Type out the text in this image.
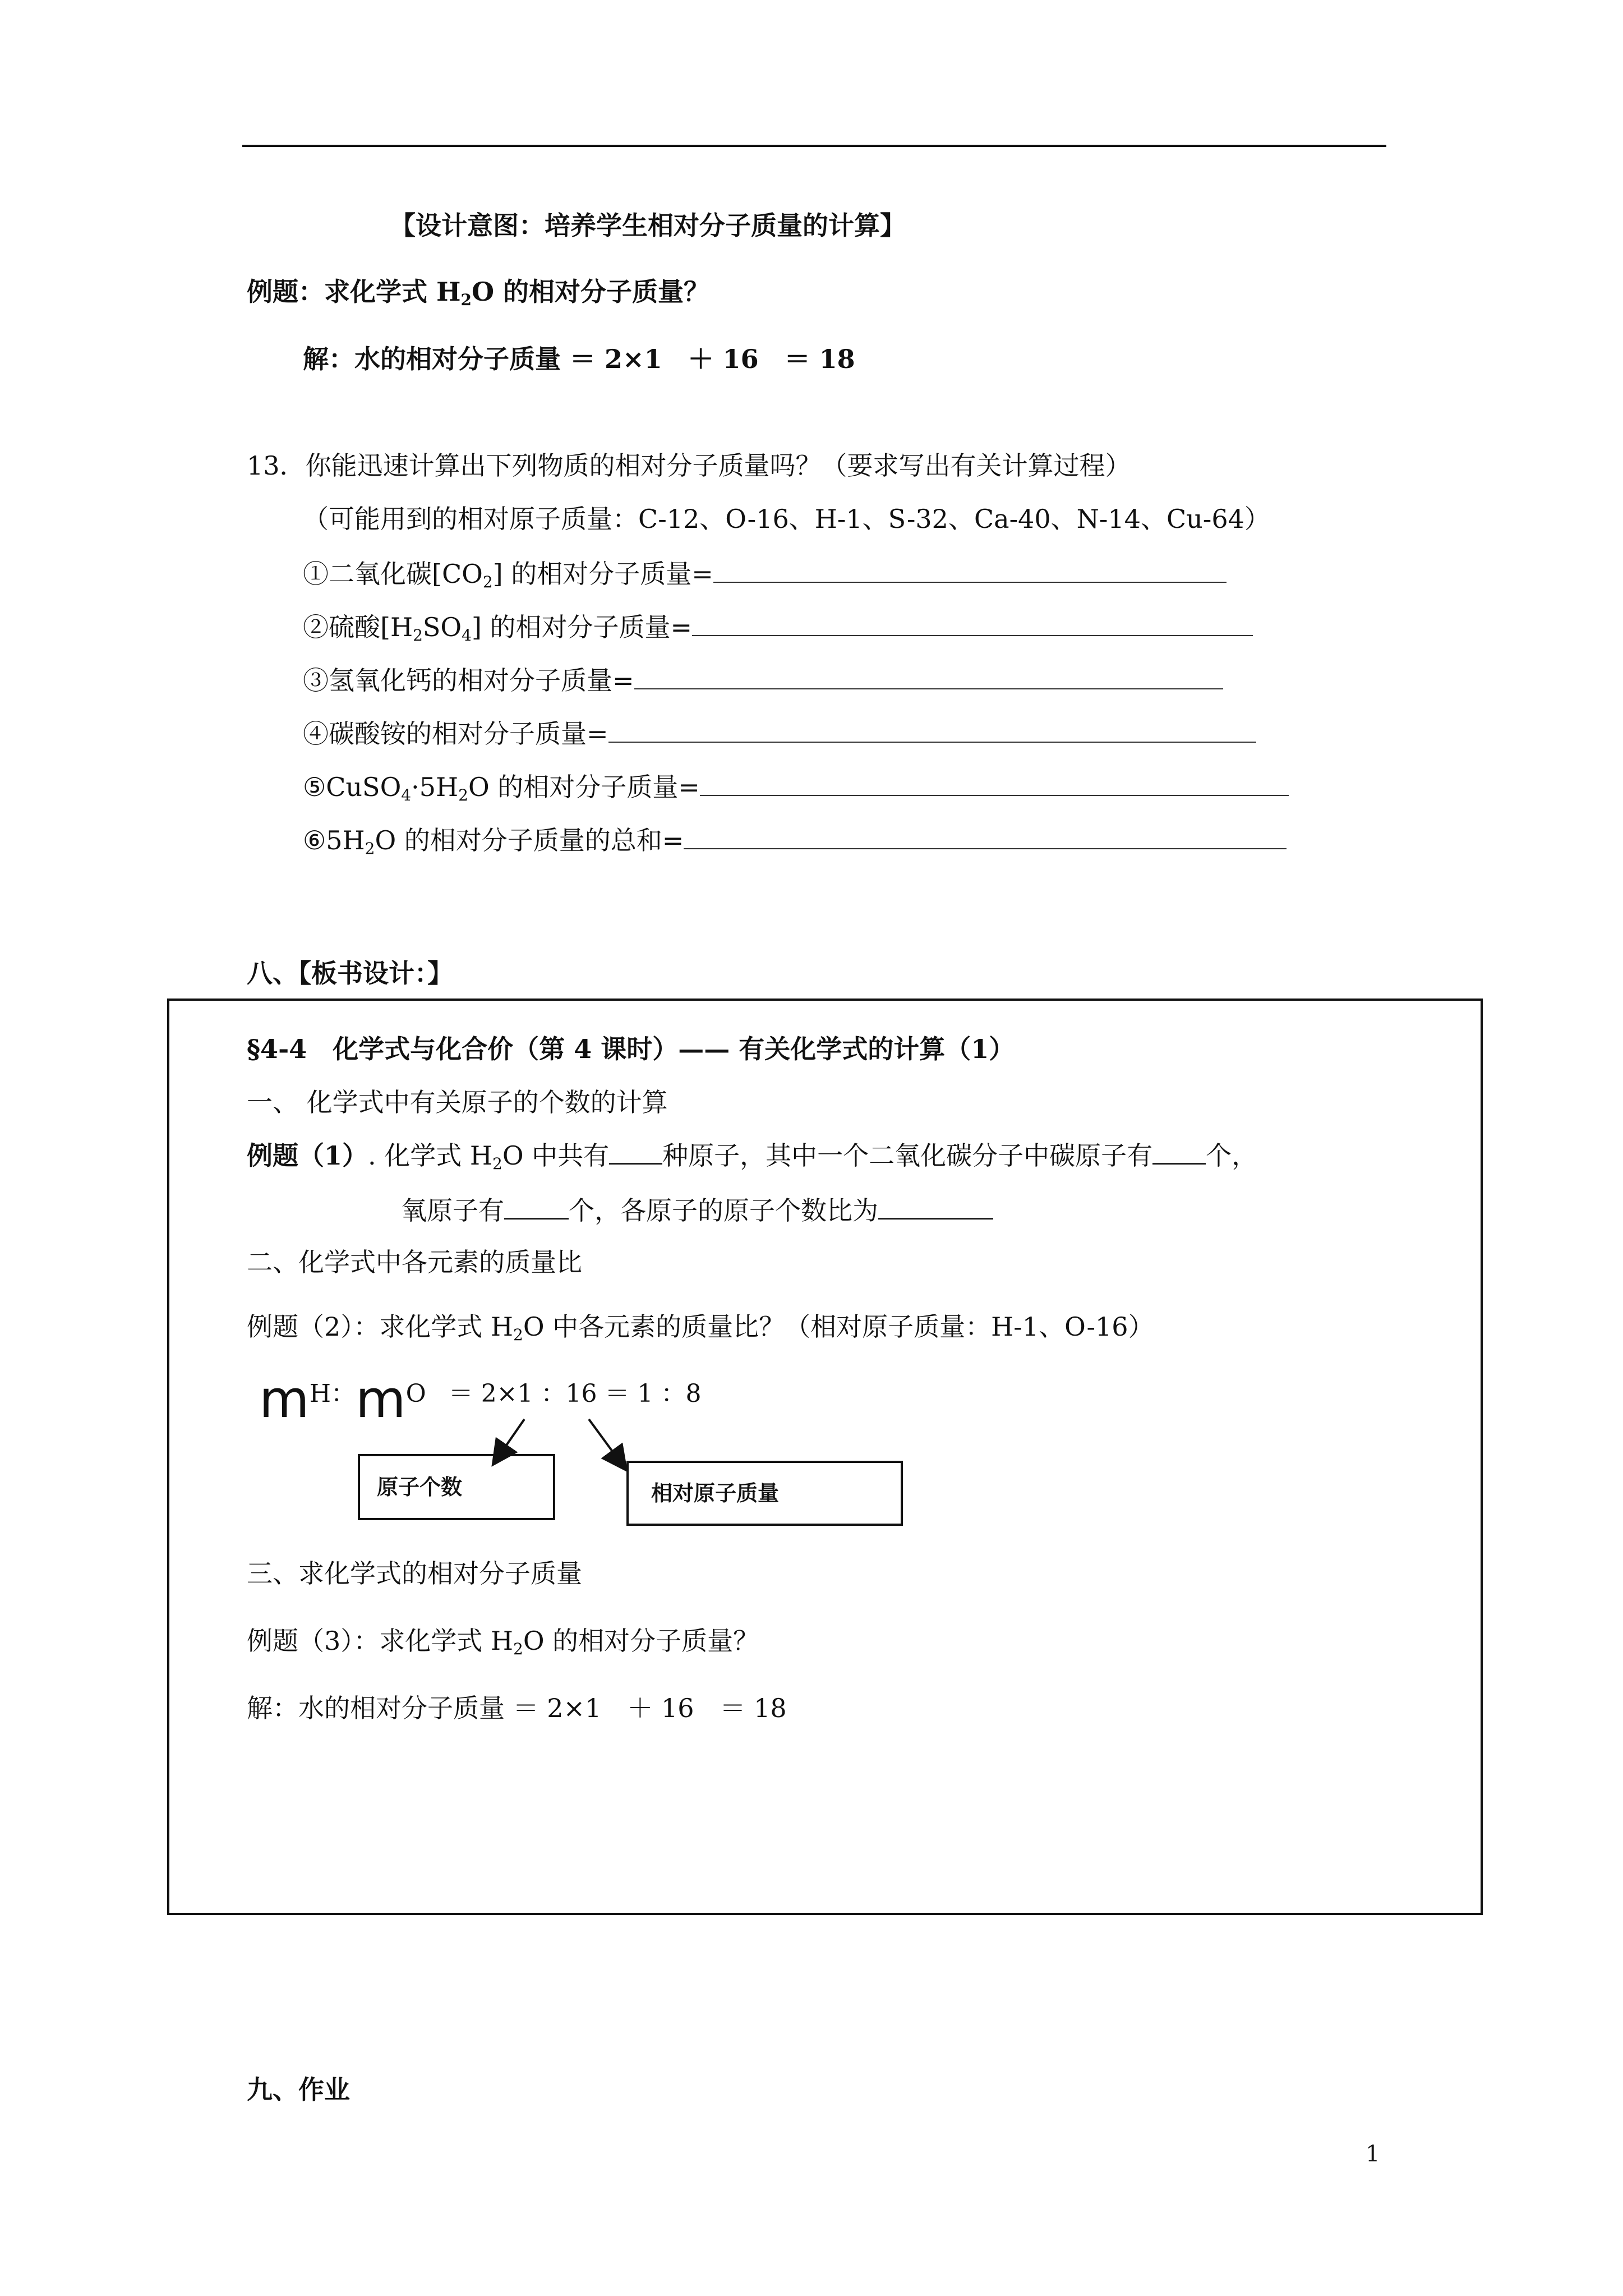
【设计意图：培养学生相对分子质量的计算】
例题：求化学式 $H_2O$ 的相对分子质量？
解：水的相对分子质量 ＝ 2×1　＋ 16　＝ 18
13．你能迅速计算出下列物质的相对分子质量吗？（要求写出有关计算过程）
（可能用到的相对原子质量：C-12、O-16、H-1、S-32、Ca-40、N-14、Cu-64）
①二氧化碳$[CO_2]$ 的相对分子质量=
②硫酸$[H_2SO_4]$ 的相对分子质量=
③氢氧化钙的相对分子质量=
④碳酸铵的相对分子质量=
$⑤CuSO_4\cdot 5H_2O$ 的相对分子质量=
$⑥5H_2O$ 的相对分子质量的总和=
八、【板书设计：】
§4-4　化学式与化合价（第 4 课时）—— 有关化学式的计算（1）
一、 化学式中有关原子的个数的计算
例题（1）. 化学式 $H_2O$ 中共有 种原子，其中一个二氧化碳分子中碳原子有 个，
氧原子有	个，各原子的原子个数比为
二、化学式中各元素的质量比
例题（2）：求化学式 $H_2O$ 中各元素的质量比？（相对原子质量：H-1、O-16）
mH：mO ＝ 2×1 ：16 ＝ 1 ：8
原子个数	相对原子质量
三、求化学式的相对分子质量
例题（3）：求化学式 $H_2O$ 的相对分子质量？
解：水的相对分子质量 ＝ 2×1　＋ 16　＝ 18
九、作业
1
